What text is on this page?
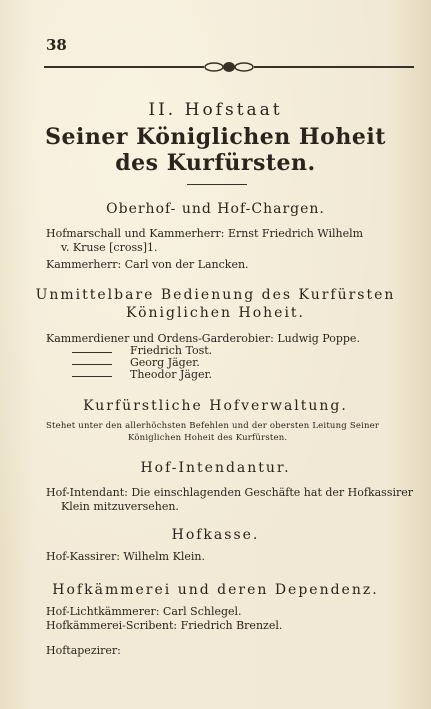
38
II. Hofstaat
Seiner Königlichen Hoheit
des Kurfürsten.
Oberhof- und Hof-Chargen.
Hofmarschall und Kammerherr: Ernst Friedrich Wilhelm
v. Kruse [cross]1.
Kammerherr: Carl von der Lancken.
Unmittelbare Bedienung des Kurfürsten
Königlichen Hoheit.
Kammerdiener und Ordens-Garderobier: Ludwig Poppe.
Friedrich Tost.
Georg Jäger.
Theodor Jäger.
Kurfürstliche Hofverwaltung.
Stehet unter den allerhöchsten Befehlen und der obersten Leitung Seiner
Königlichen Hoheit des Kurfürsten.
Hof-Intendantur.
Hof-Intendant: Die einschlagenden Geschäfte hat der Hofkassirer
Klein mitzuversehen.
Hofkasse.
Hof-Kassirer: Wilhelm Klein.
Hofkämmerei und deren Dependenz.
Hof-Lichtkämmerer: Carl Schlegel.
Hofkämmerei-Scribent: Friedrich Brenzel.
Hoftapezirer:
